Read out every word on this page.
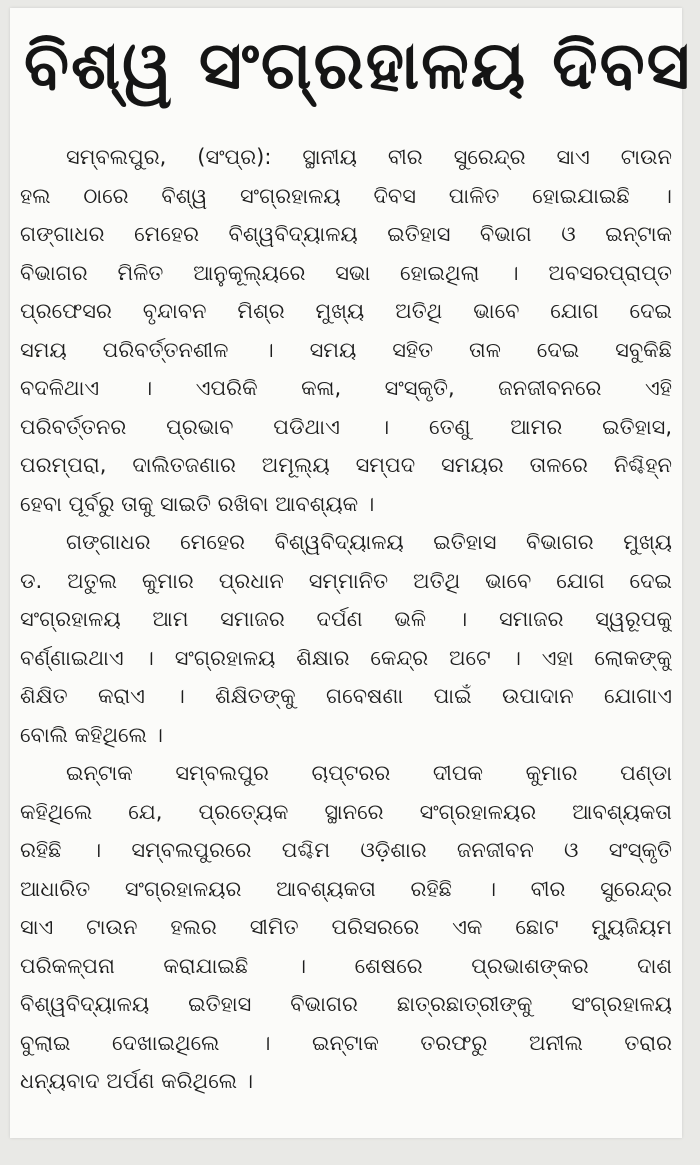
ବିଶ୍ୱ ସଂଗ୍ରହାଳୟ ଦିବସ
ସମ୍ବଲପୁର, (ସଂପ୍ର): ସ୍ଥାନୀୟ ବୀର ସୁରେନ୍ଦ୍ର ସାଏ ଟାଉନ
ହଲ ଠାରେ ବିଶ୍ୱ ସଂଗ୍ରହାଳୟ ଦିବସ ପାଳିତ ହୋଇଯାଇଛି ।
ଗଙ୍ଗାଧର ମେହେର ବିଶ୍ୱବିଦ୍ୟାଳୟ ଇତିହାସ ବିଭାଗ ଓ ଇନ୍‌ଟାକ
ବିଭାଗର ମିଳିତ ଆନୁକୂଲ୍ୟରେ ସଭା ହୋଇଥିଲା । ଅବସରପ୍ରାପ୍ତ
ପ୍ରଫେସର ବୃନ୍ଦାବନ ମିଶ୍ର ମୁଖ୍ୟ ଅତିଥି ଭାବେ ଯୋଗ ଦେଇ
ସମୟ ପରିବର୍ତ୍ତନଶୀଳ । ସମୟ ସହିତ ତାଳ ଦେଇ ସବୁକିଛି
ବଦଳିଥାଏ । ଏପରିକି କଳା, ସଂସ୍କୃତି, ଜନଜୀବନରେ ଏହି
ପରିବର୍ତ୍ତନର ପ୍ରଭାବ ପଡିଥାଏ । ତେଣୁ ଆମର ଇତିହାସ,
ପରମ୍ପରା, ଦାଲିତଜଣାର ଅମୂଲ୍ୟ ସମ୍ପଦ ସମୟର ତାଳରେ ନିଶ୍ଚିହ୍ନ
ହେବା ପୂର୍ବରୁ ତାକୁ ସାଇତି ରଖିବା ଆବଶ୍ୟକ ।
ଗଙ୍ଗାଧର ମେହେର ବିଶ୍ୱବିଦ୍ୟାଳୟ ଇତିହାସ ବିଭାଗର ମୁଖ୍ୟ
ଡ. ଅତୁଲ କୁମାର ପ୍ରଧାନ ସମ୍ମାନିତ ଅତିଥି ଭାବେ ଯୋଗ ଦେଇ
ସଂଗ୍ରହାଳୟ ଆମ ସମାଜର ଦର୍ପଣ ଭଳି । ସମାଜର ସ୍ୱରୂପକୁ
ବର୍ଣ୍ଣାଇଥାଏ । ସଂଗ୍ରହାଳୟ ଶିକ୍ଷାର କେନ୍ଦ୍ର ଅଟେ । ଏହା ଲୋକଙ୍କୁ
ଶିକ୍ଷିତ କରାଏ । ଶିକ୍ଷିତଙ୍କୁ ଗବେଷଣା ପାଇଁ ଉପାଦାନ ଯୋଗାଏ
ବୋଲି କହିଥିଲେ ।
ଇନ୍‌ଟାକ ସମ୍ବଲପୁର ଚାପ୍ଟରର ଦୀପକ କୁମାର ପଣ୍ଡା
କହିଥିଲେ ଯେ, ପ୍ରତ୍ୟେକ ସ୍ଥାନରେ ସଂଗ୍ରହାଳୟର ଆବଶ୍ୟକତା
ରହିଛି । ସମ୍ବଲପୁରରେ ପଶ୍ଚିମ ଓଡ଼ିଶାର ଜନଜୀବନ ଓ ସଂସ୍କୃତି
ଆଧାରିତ ସଂଗ୍ରହାଳୟର ଆବଶ୍ୟକତା ରହିଛି । ବୀର ସୁରେନ୍ଦ୍ର
ସାଏ ଟାଉନ ହଲର ସୀମିତ ପରିସରରେ ଏକ ଛୋଟ ମ୍ୟୁଜିୟମ
ପରିକଳ୍ପନା କରାଯାଇଛି । ଶେଷରେ ପ୍ରଭାଶଙ୍କର ଦାଶ
ବିଶ୍ୱବିଦ୍ୟାଳୟ ଇତିହାସ ବିଭାଗର ଛାତ୍ରଛାତ୍ରୀଙ୍କୁ ସଂଗ୍ରହାଳୟ
ବୁଲାଇ ଦେଖାଇଥିଲେ । ଇନ୍‌ଟାକ ତରଫରୁ ଅନୀଲ ତରାର
ଧନ୍ୟବାଦ ଅର୍ପଣ କରିଥିଲେ ।
